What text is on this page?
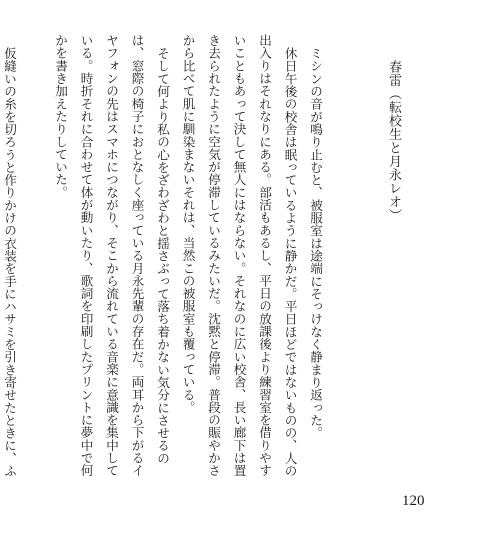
春雷（転校生と月永レオ）

ミシンの音が鳴り止むと、被服室は途端にそっけなく静まり返った。

休日午後の校舎は眠っているように静かだ。平日ほどではないものの、人の出入りはそれなりにある。部活もあるし、平日の放課後より練習室を借りやすいこともあって決して無人にはならない。それなのに広い校舎、長い廊下は置き去られたように空気が停滞しているみたいだ。沈黙と停滞。普段の賑やかさから比べて肌に馴染まないそれは、当然この被服室も覆っている。

そして何より私の心をざわざわと揺さぶって落ち着かない気分にさせるのは、窓際の椅子におとなしく座っている月永先輩の存在だ。両耳から下がるイヤフォンの先はスマホにつながり、そこから流れている音楽に意識を集中している。時折それに合わせて体が動いたり、歌詞を印刷したプリントに夢中で何かを書き加えたりしていた。

仮縫いの糸を切ろうと作りかけの衣装を手にハサミを引き寄せたときに、ふ

120
